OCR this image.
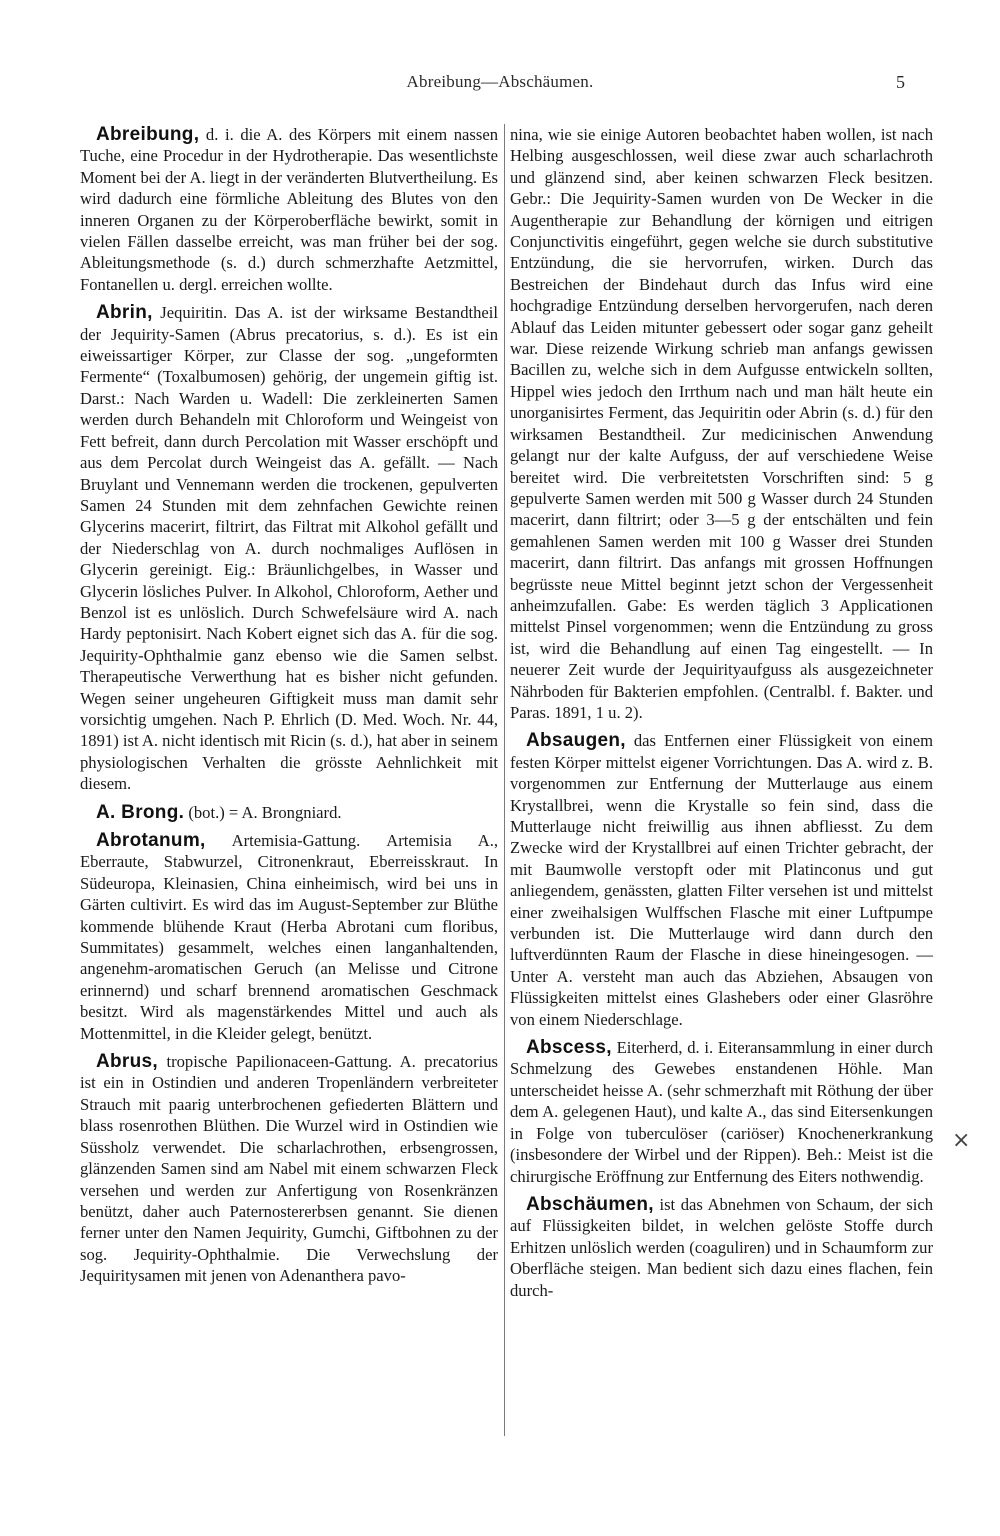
Abreibung—Abschäumen.	5

Abreibung, d. i. die A. des Körpers mit einem nassen Tuche, eine Procedur in der Hydrotherapie. Das wesentlichste Moment bei der A. liegt in der veränderten Blutvertheilung. Es wird dadurch eine förmliche Ableitung des Blutes von den inneren Organen zu der Körperoberfläche bewirkt, somit in vielen Fällen dasselbe erreicht, was man früher bei der sog. Ableitungsmethode (s. d.) durch schmerzhafte Aetzmittel, Fontanellen u. dergl. erreichen wollte.

Abrin, Jequiritin. Das A. ist der wirksame Bestandtheil der Jequirity-Samen (Abrus precatorius, s. d.). Es ist ein eiweissartiger Körper, zur Classe der sog. „ungeformten Fermente“ (Toxalbumosen) gehörig, der ungemein giftig ist. Darst.: Nach Warden u. Wadell: Die zerkleinerten Samen werden durch Behandeln mit Chloroform und Weingeist von Fett befreit, dann durch Percolation mit Wasser erschöpft und aus dem Percolat durch Weingeist das A. gefällt. — Nach Bruylant und Vennemann werden die trockenen, gepulverten Samen 24 Stunden mit dem zehnfachen Gewichte reinen Glycerins macerirt, filtrirt, das Filtrat mit Alkohol gefällt und der Niederschlag von A. durch nochmaliges Auflösen in Glycerin gereinigt. Eig.: Bräunlichgelbes, in Wasser und Glycerin lösliches Pulver. In Alkohol, Chloroform, Aether und Benzol ist es unlöslich. Durch Schwefelsäure wird A. nach Hardy peptonisirt. Nach Kobert eignet sich das A. für die sog. Jequirity-Ophthalmie ganz ebenso wie die Samen selbst. Therapeutische Verwerthung hat es bisher nicht gefunden. Wegen seiner ungeheuren Giftigkeit muss man damit sehr vorsichtig umgehen. Nach P. Ehrlich (D. Med. Woch. Nr. 44, 1891) ist A. nicht identisch mit Ricin (s. d.), hat aber in seinem physiologischen Verhalten die grösste Aehnlichkeit mit diesem.

A. Brong. (bot.) = A. Brongniard.

Abrotanum, Artemisia-Gattung. Artemisia A., Eberraute, Stabwurzel, Citronenkraut, Eberreisskraut. In Südeuropa, Kleinasien, China einheimisch, wird bei uns in Gärten cultivirt. Es wird das im August-September zur Blüthe kommende blühende Kraut (Herba Abrotani cum floribus, Summitates) gesammelt, welches einen langanhaltenden, angenehm-aromatischen Geruch (an Melisse und Citrone erinnernd) und scharf brennend aromatischen Geschmack besitzt. Wird als magenstärkendes Mittel und auch als Mottenmittel, in die Kleider gelegt, benützt.

Abrus, tropische Papilionaceen-Gattung. A. precatorius ist ein in Ostindien und anderen Tropenländern verbreiteter Strauch mit paarig unterbrochenen gefiederten Blättern und blass rosenrothen Blüthen. Die Wurzel wird in Ostindien wie Süssholz verwendet. Die scharlachrothen, erbsengrossen, glänzenden Samen sind am Nabel mit einem schwarzen Fleck versehen und werden zur Anfertigung von Rosenkränzen benützt, daher auch Paternostererbsen genannt. Sie dienen ferner unter den Namen Jequirity, Gumchi, Giftbohnen zu der sog. Jequirity-Ophthalmie. Die Verwechslung der Jequiritysamen mit jenen von Adenanthera pavo-

nina, wie sie einige Autoren beobachtet haben wollen, ist nach Helbing ausgeschlossen, weil diese zwar auch scharlachroth und glänzend sind, aber keinen schwarzen Fleck besitzen. Gebr.: Die Jequirity-Samen wurden von De Wecker in die Augentherapie zur Behandlung der körnigen und eitrigen Conjunctivitis eingeführt, gegen welche sie durch substitutive Entzündung, die sie hervorrufen, wirken. Durch das Bestreichen der Bindehaut durch das Infus wird eine hochgradige Entzündung derselben hervorgerufen, nach deren Ablauf das Leiden mitunter gebessert oder sogar ganz geheilt war. Diese reizende Wirkung schrieb man anfangs gewissen Bacillen zu, welche sich in dem Aufgusse entwickeln sollten, Hippel wies jedoch den Irrthum nach und man hält heute ein unorganisirtes Ferment, das Jequiritin oder Abrin (s. d.) für den wirksamen Bestandtheil. Zur medicinischen Anwendung gelangt nur der kalte Aufguss, der auf verschiedene Weise bereitet wird. Die verbreitetsten Vorschriften sind: 5 g gepulverte Samen werden mit 500 g Wasser durch 24 Stunden macerirt, dann filtrirt; oder 3—5 g der entschälten und fein gemahlenen Samen werden mit 100 g Wasser drei Stunden macerirt, dann filtrirt. Das anfangs mit grossen Hoffnungen begrüsste neue Mittel beginnt jetzt schon der Vergessenheit anheimzufallen. Gabe: Es werden täglich 3 Applicationen mittelst Pinsel vorgenommen; wenn die Entzündung zu gross ist, wird die Behandlung auf einen Tag eingestellt. — In neuerer Zeit wurde der Jequirityaufguss als ausgezeichneter Nährboden für Bakterien empfohlen. (Centralbl. f. Bakter. und Paras. 1891, 1 u. 2).

Absaugen, das Entfernen einer Flüssigkeit von einem festen Körper mittelst eigener Vorrichtungen. Das A. wird z. B. vorgenommen zur Entfernung der Mutterlauge aus einem Krystallbrei, wenn die Krystalle so fein sind, dass die Mutterlauge nicht freiwillig aus ihnen abfliesst. Zu dem Zwecke wird der Krystallbrei auf einen Trichter gebracht, der mit Baumwolle verstopft oder mit Platinconus und gut anliegendem, genässten, glatten Filter versehen ist und mittelst einer zweihalsigen Wulffschen Flasche mit einer Luftpumpe verbunden ist. Die Mutterlauge wird dann durch den luftverdünnten Raum der Flasche in diese hineingesogen. — Unter A. versteht man auch das Abziehen, Absaugen von Flüssigkeiten mittelst eines Glashebers oder einer Glasröhre von einem Niederschlage.

Abscess, Eiterherd, d. i. Eiteransammlung in einer durch Schmelzung des Gewebes enstandenen Höhle. Man unterscheidet heisse A. (sehr schmerzhaft mit Röthung der über dem A. gelegenen Haut), und kalte A., das sind Eitersenkungen in Folge von tuberculöser (cariöser) Knochenerkrankung (insbesondere der Wirbel und der Rippen). Beh.: Meist ist die chirurgische Eröffnung zur Entfernung des Eiters nothwendig.

Abschäumen, ist das Abnehmen von Schaum, der sich auf Flüssigkeiten bildet, in welchen gelöste Stoffe durch Erhitzen unlöslich werden (coaguliren) und in Schaumform zur Oberfläche steigen. Man bedient sich dazu eines flachen, fein durch-

×
